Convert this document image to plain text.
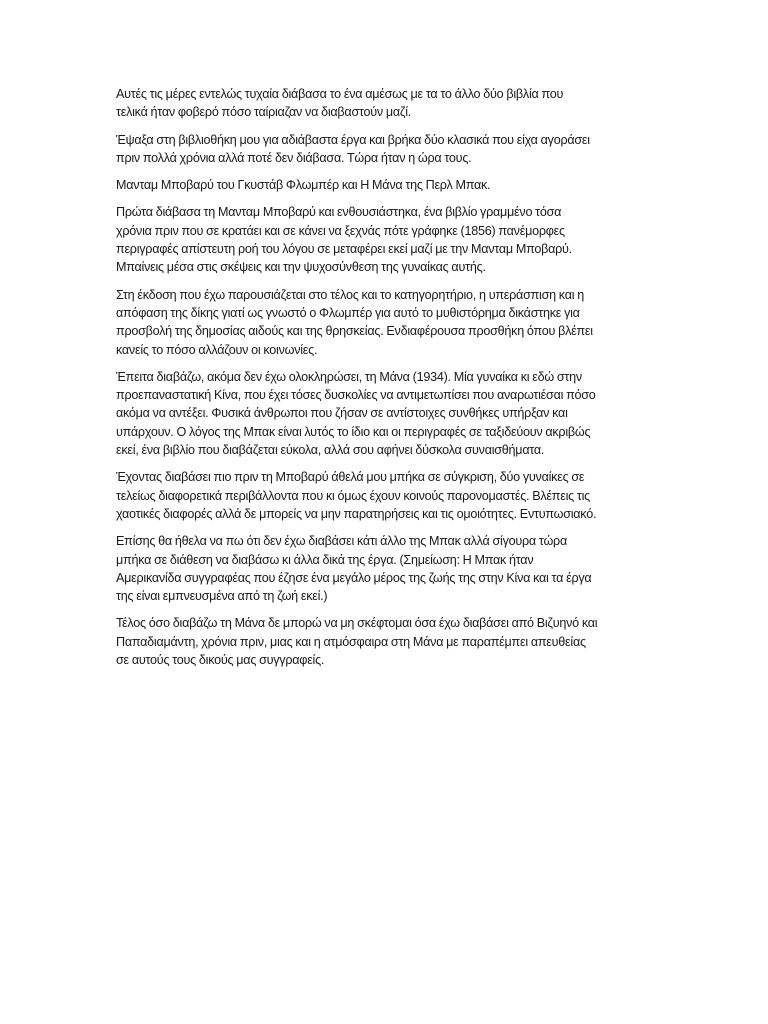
Αυτές τις μέρες εντελώς τυχαία διάβασα το ένα αμέσως με τα το άλλο δύο βιβλία που
τελικά ήταν φοβερό πόσο ταίριαζαν να διαβαστούν μαζί.

Έψαξα στη βιβλιοθήκη μου για αδιάβαστα έργα και βρήκα δύο κλασικά που είχα αγοράσει
πριν πολλά χρόνια αλλά ποτέ δεν διάβασα. Τώρα ήταν η ώρα τους.

Μανταμ Μποβαρύ του Γκυστάβ Φλωμπέρ και Η Μάνα της Περλ Μπακ.

Πρώτα διάβασα τη Μανταμ Μποβαρύ και ενθουσιάστηκα, ένα βιβλίο γραμμένο τόσα
χρόνια πριν που σε κρατάει και σε κάνει να ξεχνάς πότε γράφηκε (1856) πανέμορφες
περιγραφές απίστευτη ροή του λόγου σε μεταφέρει εκεί μαζί με την Μανταμ Μποβαρύ.
Μπαίνεις μέσα στις σκέψεις και την ψυχοσύνθεση της γυναίκας αυτής.

Στη έκδοση που έχω παρουσιάζεται στο τέλος και το κατηγορητήριο, η υπεράσπιση και η
απόφαση της δίκης γιατί ως γνωστό ο Φλωμπέρ για αυτό το μυθιστόρημα δικάστηκε για
προσβολή της δημοσίας αιδούς και της θρησκείας. Ενδιαφέρουσα προσθήκη όπου βλέπει
κανείς το πόσο αλλάζουν οι κοινωνίες.

Έπειτα διαβάζω, ακόμα δεν έχω ολοκληρώσει, τη Μάνα (1934). Μία γυναίκα κι εδώ στην
προεπαναστατική Κίνα, που έχει τόσες δυσκολίες να αντιμετωπίσει που αναρωτιέσαι πόσο
ακόμα να αντέξει. Φυσικά άνθρωποι που ζήσαν σε αντίστοιχες συνθήκες υπήρξαν και
υπάρχουν. Ο λόγος της Μπακ είναι λυτός το ίδιο και οι περιγραφές σε ταξιδεύουν ακριβώς
εκεί, ένα βιβλίο που διαβάζεται εύκολα, αλλά σου αφήνει δύσκολα συναισθήματα.

Έχοντας διαβάσει πιο πριν τη Μποβαρύ άθελά μου μπήκα σε σύγκριση, δύο γυναίκες σε
τελείως διαφορετικά περιβάλλοντα που κι όμως έχουν κοινούς παρονομαστές. Βλέπεις τις
χαοτικές διαφορές αλλά δε μπορείς να μην παρατηρήσεις και τις ομοιότητες. Εντυπωσιακό.

Επίσης θα ήθελα να πω ότι δεν έχω διαβάσει κάτι άλλο της Μπακ αλλά σίγουρα τώρα
μπήκα σε διάθεση να διαβάσω κι άλλα δικά της έργα. (Σημείωση: Η Μπακ ήταν
Αμερικανίδα συγγραφέας που έζησε ένα μεγάλο μέρος της ζωής της στην Κίνα και τα έργα
της είναι εμπνευσμένα από τη ζωή εκεί.)

Τέλος όσο διαβάζω τη Μάνα δε μπορώ να μη σκέφτομαι όσα έχω διαβάσει από Βιζυηνό και
Παπαδιαμάντη, χρόνια πριν, μιας και η ατμόσφαιρα στη Μάνα με παραπέμπει απευθείας
σε αυτούς τους δικούς μας συγγραφείς.
